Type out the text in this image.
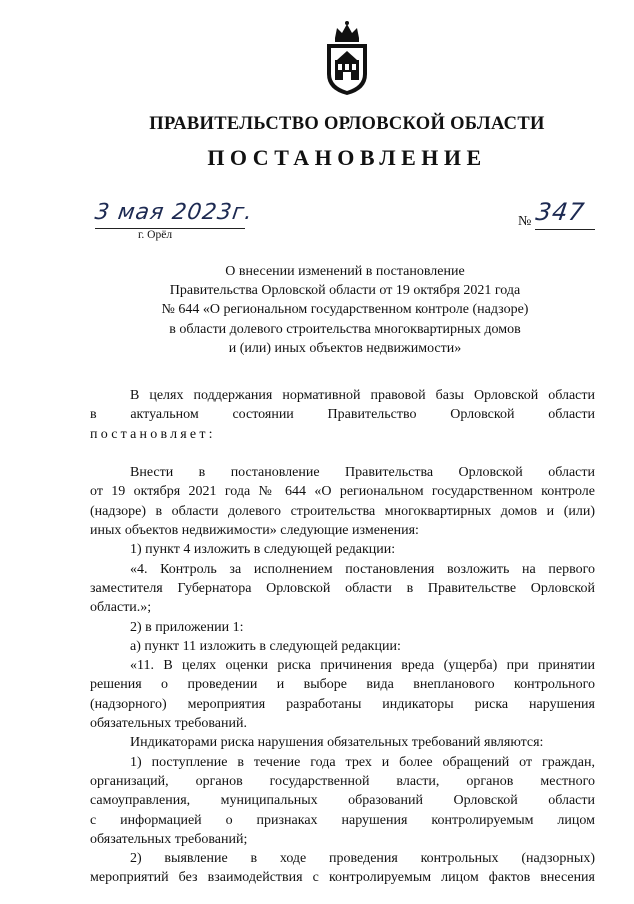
ПРАВИТЕЛЬСТВО ОРЛОВСКОЙ ОБЛАСТИ
ПОСТАНОВЛЕНИЕ
3 мая 2023г.
г. Орёл
№ 347
О внесении изменений в постановление
Правительства Орловской области от 19 октября 2021 года
№ 644 «О региональном государственном контроле (надзоре)
в области долевого строительства многоквартирных домов
и (или) иных объектов недвижимости»
В целях поддержания нормативной правовой базы Орловской области
в актуальном состоянии Правительство Орловской области
постановляет:
Внести в постановление Правительства Орловской области
от 19 октября 2021 года № 644 «О региональном государственном контроле
(надзоре) в области долевого строительства многоквартирных домов и (или)
иных объектов недвижимости» следующие изменения:
1) пункт 4 изложить в следующей редакции:
«4. Контроль за исполнением постановления возложить на первого
заместителя Губернатора Орловской области в Правительстве Орловской
области.»;
2) в приложении 1:
а) пункт 11 изложить в следующей редакции:
«11. В целях оценки риска причинения вреда (ущерба) при принятии
решения о проведении и выборе вида внепланового контрольного
(надзорного) мероприятия разработаны индикаторы риска нарушения
обязательных требований.
Индикаторами риска нарушения обязательных требований являются:
1) поступление в течение года трех и более обращений от граждан,
организаций, органов государственной власти, органов местного
самоуправления, муниципальных образований Орловской области
с информацией о признаках нарушения контролируемым лицом
обязательных требований;
2) выявление в ходе проведения контрольных (надзорных)
мероприятий без взаимодействия с контролируемым лицом фактов внесения
